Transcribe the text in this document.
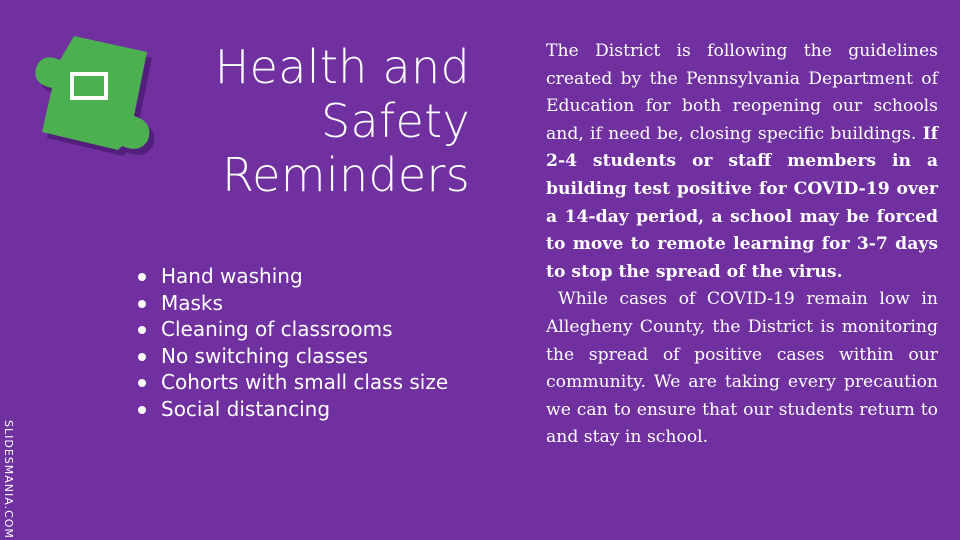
Health and
Safety
Reminders
Hand washing
Masks
Cleaning of classrooms
No switching classes
Cohorts with small class size
Social distancing

The District is following the guidelines created by the Pennsylvania Department of Education for both reopening our schools and, if need be, closing specific buildings. If 2-4 students or staff members in a building test positive for COVID-19 over a 14-day period, a school may be forced to move to remote learning for 3-7 days to stop the spread of the virus.

While cases of COVID-19 remain low in Allegheny County, the District is monitoring the spread of positive cases within our community. We are taking every precaution we can to ensure that our students return to and stay in school.

SLIDESMANIA.COM
